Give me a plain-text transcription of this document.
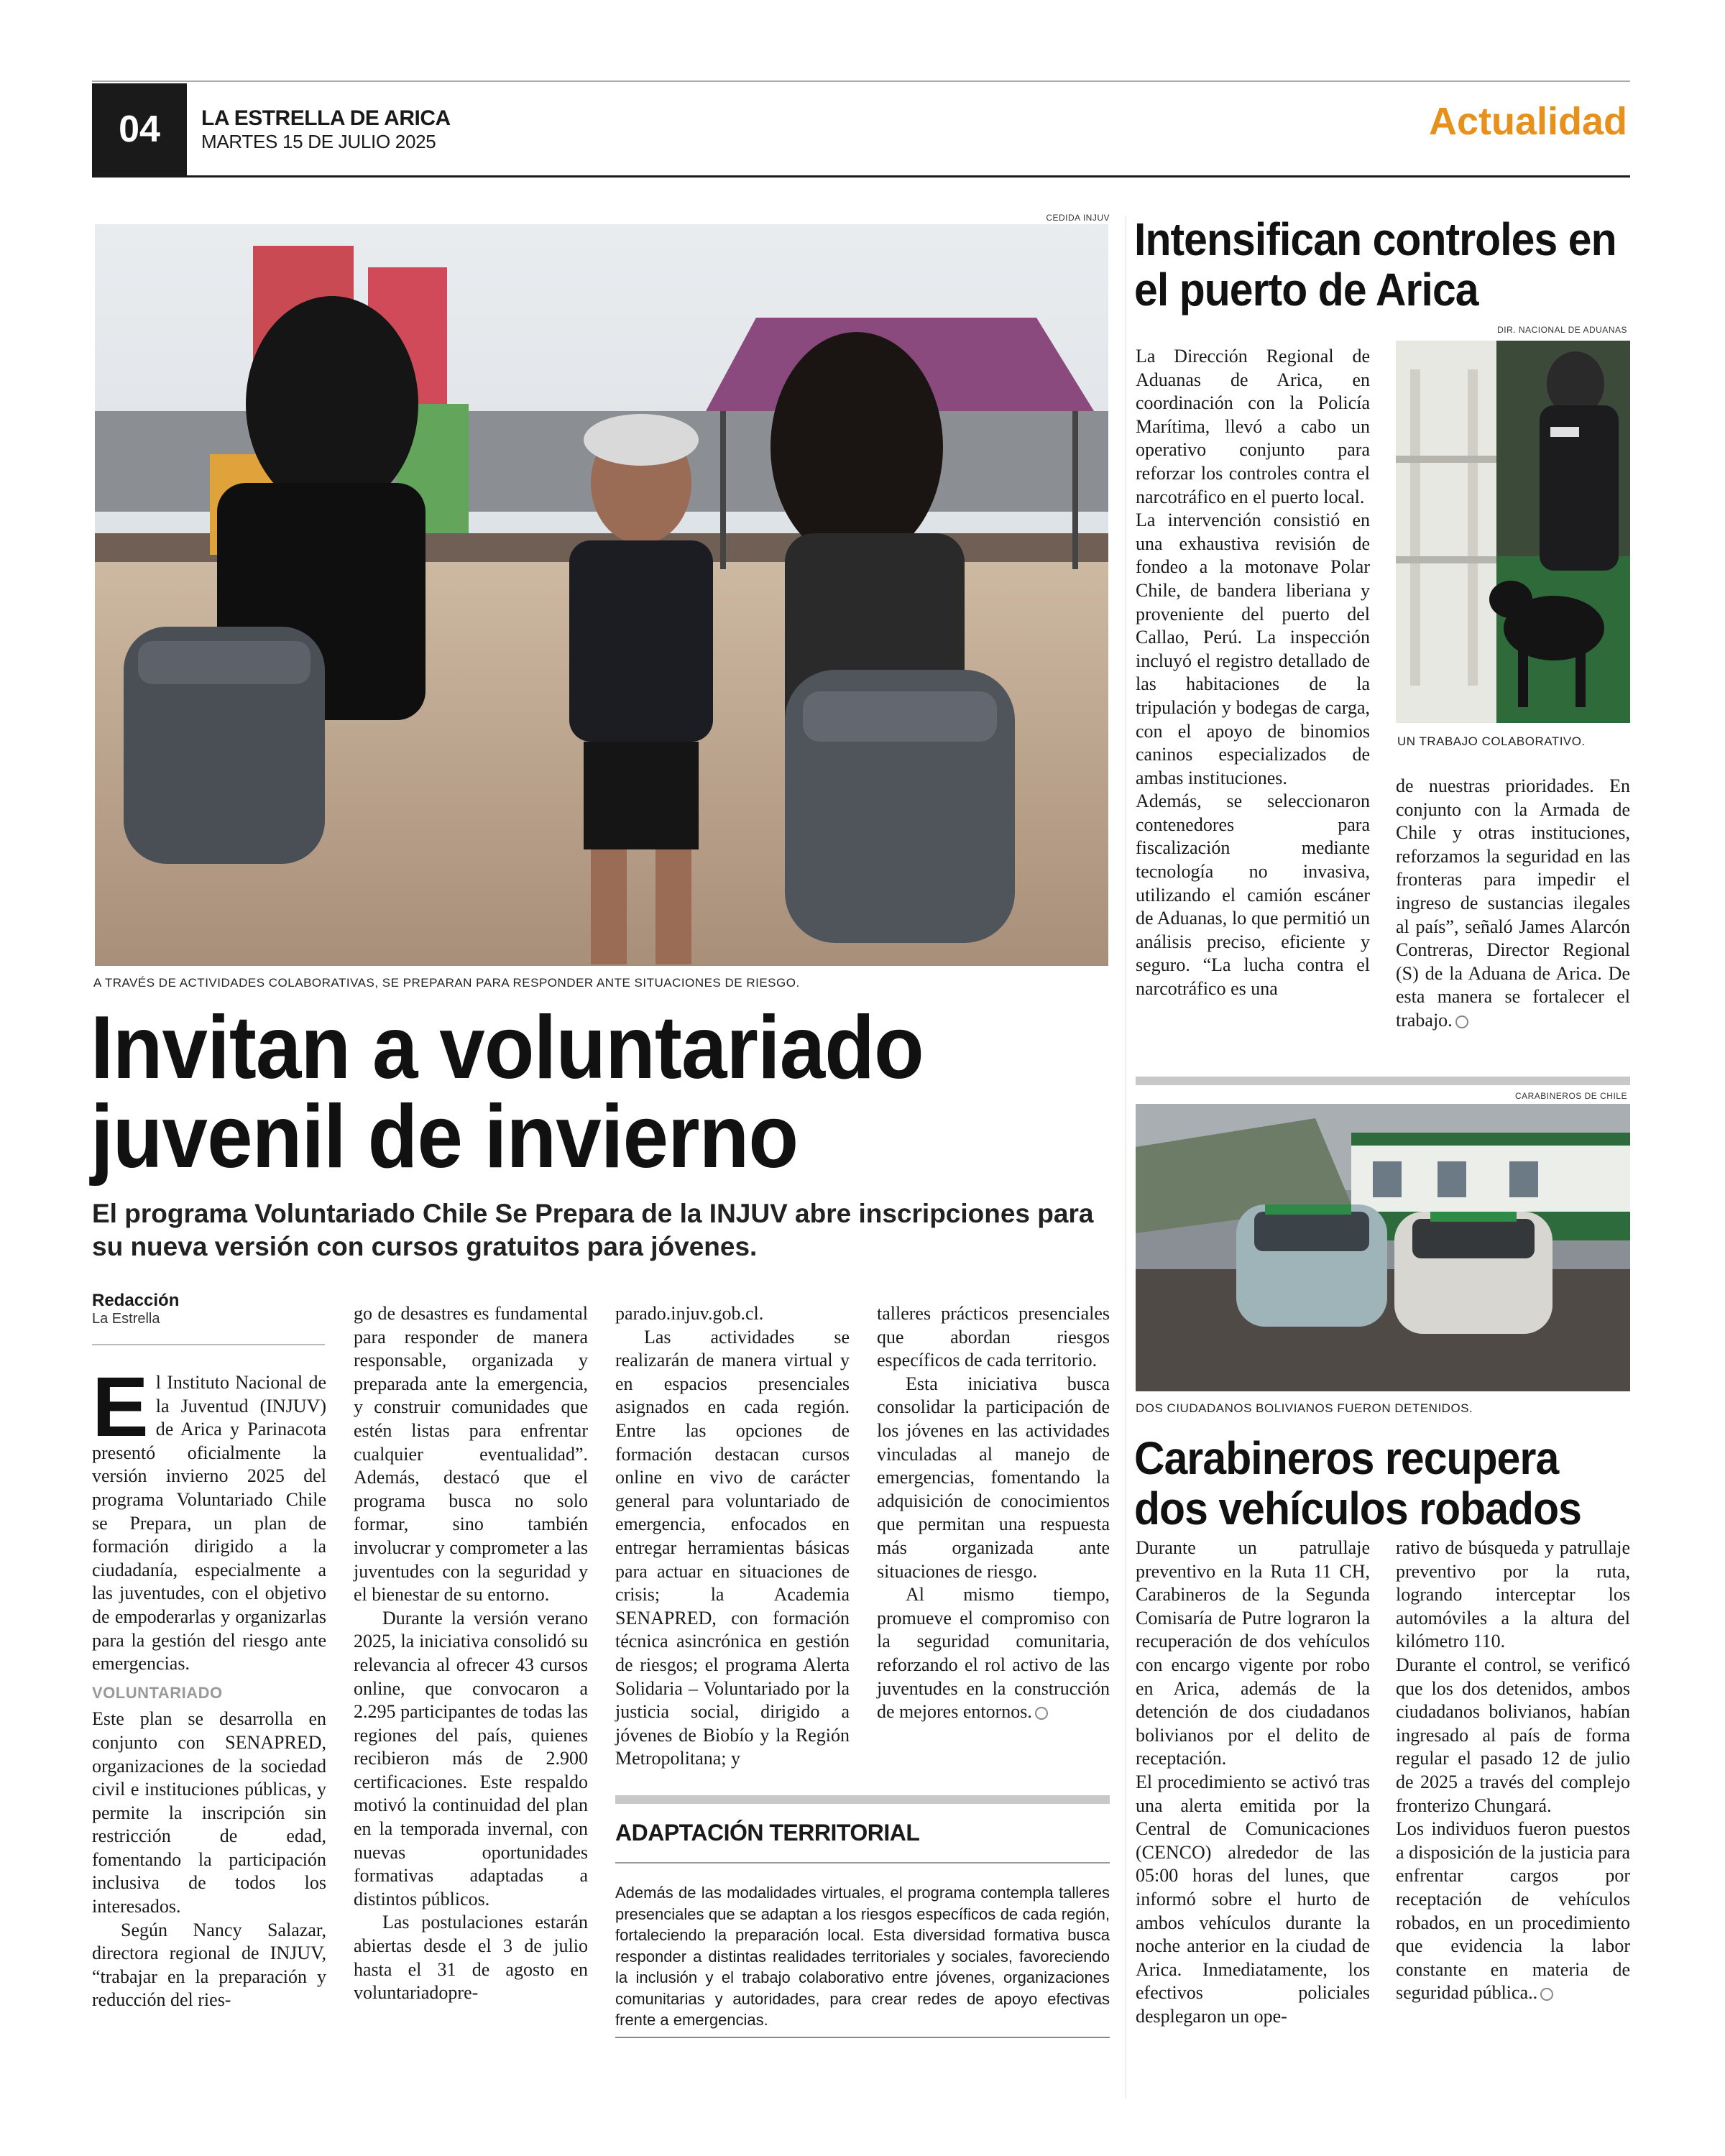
04 LA ESTRELLA DE ARICA
MARTES 15 DE JULIO 2025	Actualidad
CEDIDA INJUV
A TRAVÉS DE ACTIVIDADES COLABORATIVAS, SE PREPARAN PARA RESPONDER ANTE SITUACIONES DE RIESGO.
Invitan a voluntariado
juvenil de invierno
El programa Voluntariado Chile Se Prepara de la INJUV abre inscripciones para su nueva versión con cursos gratuitos para jóvenes.
Redacción
La Estrella

El Instituto Nacional de la Juventud (INJUV) de Arica y Parinacota presentó oficialmente la versión invierno 2025 del programa Voluntariado Chile se Prepara, un plan de formación dirigido a la ciudadanía, especialmente a las juventudes, con el objetivo de empoderarlas y organizarlas para la gestión del riesgo ante emergencias.

VOLUNTARIADO

Este plan se desarrolla en conjunto con SENAPRED, organizaciones de la sociedad civil e instituciones públicas, y permite la inscripción sin restricción de edad, fomentando la participación inclusiva de todos los interesados.

Según Nancy Salazar, directora regional de INJUV, “trabajar en la preparación y reducción del ries-

go de desastres es fundamental para responder de manera responsable, organizada y preparada ante la emergencia, y construir comunidades que estén listas para enfrentar cualquier eventualidad”. Además, destacó que el programa busca no solo formar, sino también involucrar y comprometer a las juventudes con la seguridad y el bienestar de su entorno.

Durante la versión verano 2025, la iniciativa consolidó su relevancia al ofrecer 43 cursos online, que convocaron a 2.295 participantes de todas las regiones del país, quienes recibieron más de 2.900 certificaciones. Este respaldo motivó la continuidad del plan en la temporada invernal, con nuevas oportunidades formativas adaptadas a distintos públicos.

Las postulaciones estarán abiertas desde el 3 de julio hasta el 31 de agosto en voluntariadopre-

parado.injuv.gob.cl.

Las actividades se realizarán de manera virtual y en espacios presenciales asignados en cada región. Entre las opciones de formación destacan cursos online en vivo de carácter general para voluntariado de emergencia, enfocados en entregar herramientas básicas para actuar en situaciones de crisis; la Academia SENAPRED, con formación técnica asincrónica en gestión de riesgos; el programa Alerta Solidaria – Voluntariado por la justicia social, dirigido a jóvenes de Biobío y la Región Metropolitana; y

talleres prácticos presenciales que abordan riesgos específicos de cada territorio.

Esta iniciativa busca consolidar la participación de los jóvenes en las actividades vinculadas al manejo de emergencias, fomentando la adquisición de conocimientos que permitan una respuesta más organizada ante situaciones de riesgo.

Al mismo tiempo, promueve el compromiso con la seguridad comunitaria, reforzando el rol activo de las juventudes en la construcción de mejores entornos.

ADAPTACIÓN TERRITORIAL
Además de las modalidades virtuales, el programa contempla talleres presenciales que se adaptan a los riesgos específicos de cada región, fortaleciendo la preparación local. Esta diversidad formativa busca responder a distintas realidades territoriales y sociales, favoreciendo la inclusión y el trabajo colaborativo entre jóvenes, organizaciones comunitarias y autoridades, para crear redes de apoyo efectivas frente a emergencias.
Intensifican controles en
el puerto de Arica

La Dirección Regional de Aduanas de Arica, en coordinación con la Policía Marítima, llevó a cabo un operativo conjunto para reforzar los controles contra el narcotráfico en el puerto local.

La intervención consistió en una exhaustiva revisión de fondeo a la motonave Polar Chile, de bandera liberiana y proveniente del puerto del Callao, Perú. La inspección incluyó el registro detallado de las habitaciones de la tripulación y bodegas de carga, con el apoyo de binomios caninos especializados de ambas instituciones.

Además, se seleccionaron contenedores para fiscalización mediante tecnología no invasiva, utilizando el camión escáner de Aduanas, lo que permitió un análisis preciso, eficiente y seguro. “La lucha contra el narcotráfico es una

DIR. NACIONAL DE ADUANAS
UN TRABAJO COLABORATIVO.

de nuestras prioridades. En conjunto con la Armada de Chile y otras instituciones, reforzamos la seguridad en las fronteras para impedir el ingreso de sustancias ilegales al país”, señaló James Alarcón Contreras, Director Regional (S) de la Aduana de Arica. De esta manera se fortalecer el trabajo.

CARABINEROS DE CHILE
DOS CIUDADANOS BOLIVIANOS FUERON DETENIDOS.
Carabineros recupera
dos vehículos robados

Durante un patrullaje preventivo en la Ruta 11 CH, Carabineros de la Segunda Comisaría de Putre lograron la recuperación de dos vehículos con encargo vigente por robo en Arica, además de la detención de dos ciudadanos bolivianos por el delito de receptación.

El procedimiento se activó tras una alerta emitida por la Central de Comunicaciones (CENCO) alrededor de las 05:00 horas del lunes, que informó sobre el hurto de ambos vehículos durante la noche anterior en la ciudad de Arica. Inmediatamente, los efectivos policiales desplegaron un ope-

rativo de búsqueda y patrullaje preventivo por la ruta, logrando interceptar los automóviles a la altura del kilómetro 110.

Durante el control, se verificó que los dos detenidos, ambos ciudadanos bolivianos, habían ingresado al país de forma regular el pasado 12 de julio de 2025 a través del complejo fronterizo Chungará.

Los individuos fueron puestos a disposición de la justicia para enfrentar cargos por receptación de vehículos robados, en un procedimiento que evidencia la labor constante en materia de seguridad pública..
